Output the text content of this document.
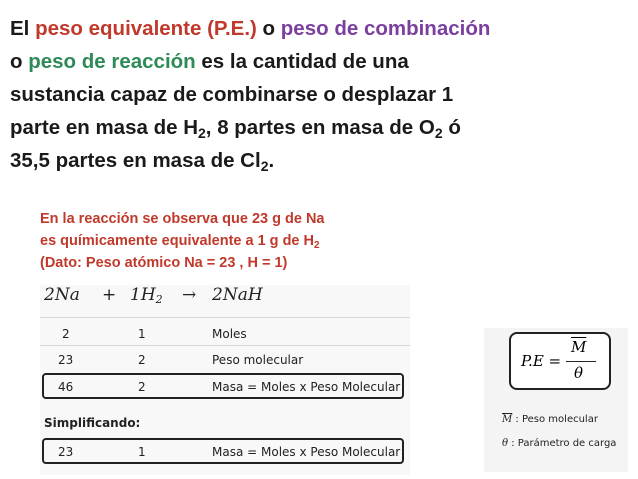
El peso equivalente (P.E.) o peso de combinación

o peso de reacción es la cantidad de una

sustancia capaz de combinarse o desplazar 1

parte en masa de $H_2$, 8 partes en masa de $O_2$ ó

35,5 partes en masa de $Cl_2$.

En la reacción se observa que 23 g de Na

es químicamente equivalente a 1 g de $H_2$

(Dato: Peso atómico Na = 23 , H = 1)

$2Na + 1H_2 \to 2NaH$
2	1	Moles
23	2	Peso molecular
46	2	Masa = Moles x Peso Molecular
Simplificando:
23	1	Masa = Moles x Peso Molecular
P.E =
$\overline{M}$
θ
$\overline{M}$ : Peso molecular
θ : Parámetro de carga
